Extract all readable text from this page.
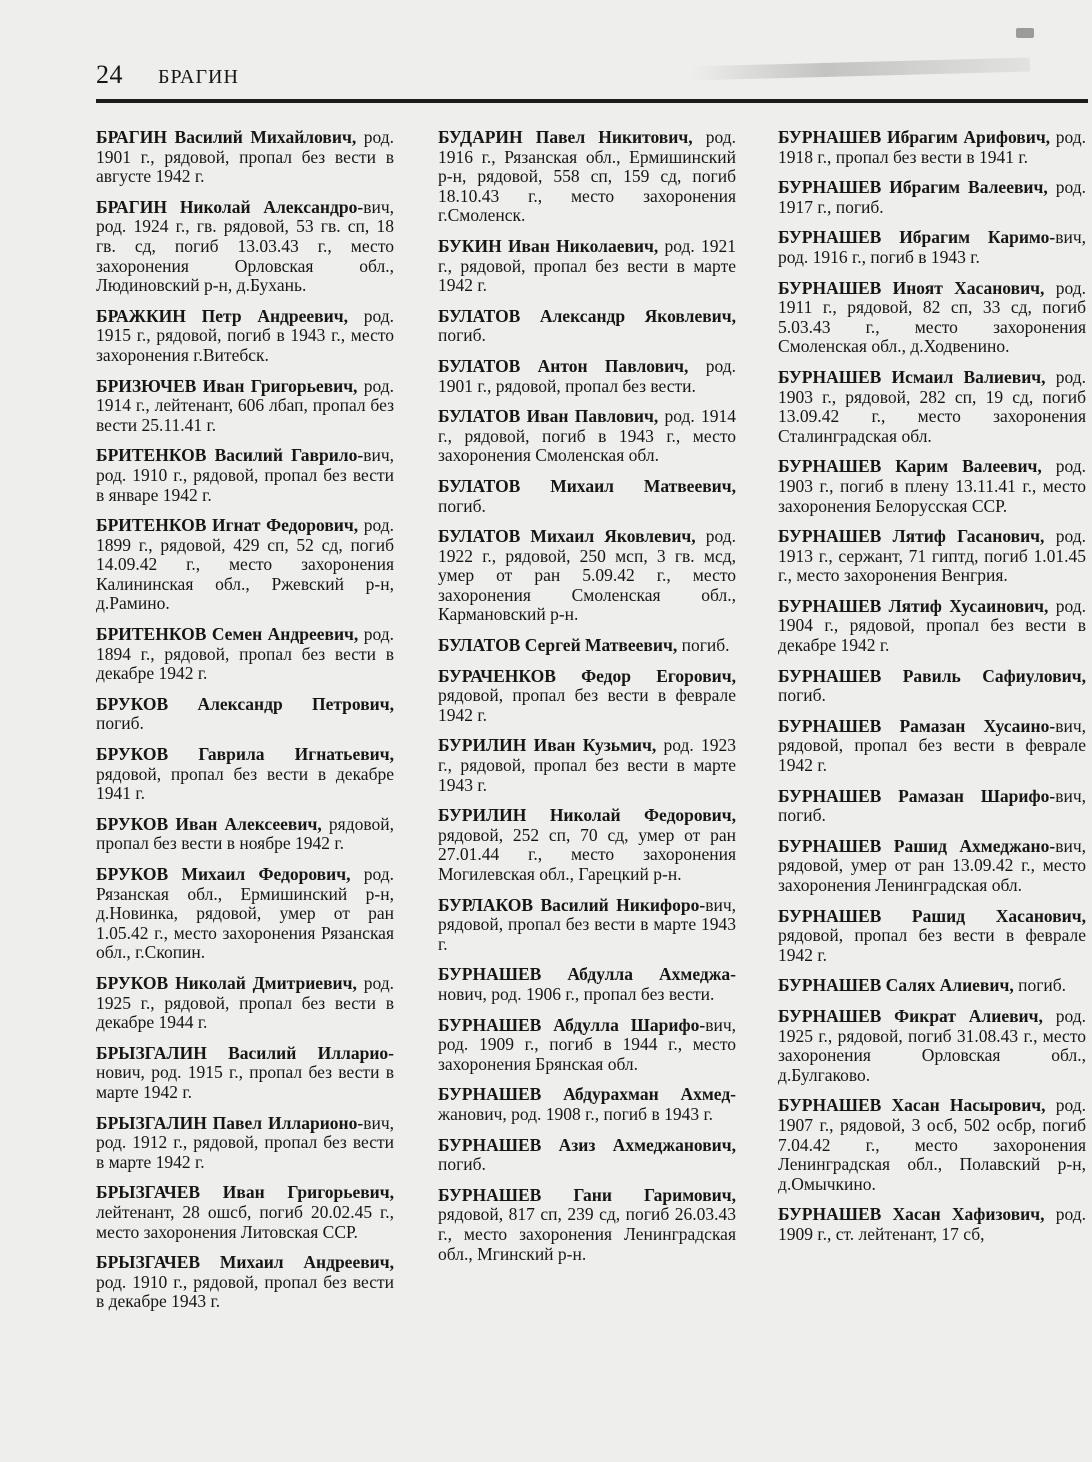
24 БРАГИН

БРАГИН Василий Михайлович, род. 1901 г., рядовой, пропал без вести в августе 1942 г.

БРАГИН Николай Александро-вич, род. 1924 г., гв. рядовой, 53 гв. сп, 18 гв. сд, погиб 13.03.43 г., место захоронения Орловская обл., Людиновский р-н, д.Бухань.

БРАЖКИН Петр Андреевич, род. 1915 г., рядовой, погиб в 1943 г., место захоронения г.Витебск.

БРИЗЮЧЕВ Иван Григорьевич, род. 1914 г., лейтенант, 606 лбап, пропал без вести 25.11.41 г.

БРИТЕНКОВ Василий Гаврило-вич, род. 1910 г., рядовой, пропал без вести в январе 1942 г.

БРИТЕНКОВ Игнат Федорович, род. 1899 г., рядовой, 429 сп, 52 сд, погиб 14.09.42 г., место захоронения Калининская обл., Ржевский р-н, д.Рамино.

БРИТЕНКОВ Семен Андреевич, род. 1894 г., рядовой, пропал без вести в декабре 1942 г.

БРУКОВ Александр Петрович, погиб.

БРУКОВ Гаврила Игнатьевич, рядовой, пропал без вести в декабре 1941 г.

БРУКОВ Иван Алексеевич, рядовой, пропал без вести в ноябре 1942 г.

БРУКОВ Михаил Федорович, род. Рязанская обл., Ермишинский р-н, д.Новинка, рядовой, умер от ран 1.05.42 г., место захоронения Рязанская обл., г.Скопин.

БРУКОВ Николай Дмитриевич, род. 1925 г., рядовой, пропал без вести в декабре 1944 г.

БРЫЗГАЛИН Василий Илларио-нович, род. 1915 г., пропал без вести в марте 1942 г.

БРЫЗГАЛИН Павел Илларионо-вич, род. 1912 г., рядовой, пропал без вести в марте 1942 г.

БРЫЗГАЧЕВ Иван Григорьевич, лейтенант, 28 ошсб, погиб 20.02.45 г., место захоронения Литовская ССР.

БРЫЗГАЧЕВ Михаил Андреевич, род. 1910 г., рядовой, пропал без вести в декабре 1943 г.

БУДАРИН Павел Никитович, род. 1916 г., Рязанская обл., Ермишинский р-н, рядовой, 558 сп, 159 сд, погиб 18.10.43 г., место захоронения г.Смоленск.

БУКИН Иван Николаевич, род. 1921 г., рядовой, пропал без вести в марте 1942 г.

БУЛАТОВ Александр Яковлевич, погиб.

БУЛАТОВ Антон Павлович, род. 1901 г., рядовой, пропал без вести.

БУЛАТОВ Иван Павлович, род. 1914 г., рядовой, погиб в 1943 г., место захоронения Смоленская обл.

БУЛАТОВ Михаил Матвеевич, погиб.

БУЛАТОВ Михаил Яковлевич, род. 1922 г., рядовой, 250 мсп, 3 гв. мсд, умер от ран 5.09.42 г., место захоронения Смоленская обл., Кармановский р-н.

БУЛАТОВ Сергей Матвеевич, погиб.

БУРАЧЕНКОВ Федор Егорович, рядовой, пропал без вести в феврале 1942 г.

БУРИЛИН Иван Кузьмич, род. 1923 г., рядовой, пропал без вести в марте 1943 г.

БУРИЛИН Николай Федорович, рядовой, 252 сп, 70 сд, умер от ран 27.01.44 г., место захоронения Могилевская обл., Гарецкий р-н.

БУРЛАКОВ Василий Никифоро-вич, рядовой, пропал без вести в марте 1943 г.

БУРНАШЕВ Абдулла Ахмеджа-нович, род. 1906 г., пропал без вести.

БУРНАШЕВ Абдулла Шарифо-вич, род. 1909 г., погиб в 1944 г., место захоронения Брянская обл.

БУРНАШЕВ Абдурахман Ахмед-жанович, род. 1908 г., погиб в 1943 г.

БУРНАШЕВ Азиз Ахмеджанович, погиб.

БУРНАШЕВ Гани Гаримович, рядовой, 817 сп, 239 сд, погиб 26.03.43 г., место захоронения Ленинградская обл., Мгинский р-н.

БУРНАШЕВ Ибрагим Арифович, род. 1918 г., пропал без вести в 1941 г.

БУРНАШЕВ Ибрагим Валеевич, род. 1917 г., погиб.

БУРНАШЕВ Ибрагим Каримо-вич, род. 1916 г., погиб в 1943 г.

БУРНАШЕВ Иноят Хасанович, род. 1911 г., рядовой, 82 сп, 33 сд, погиб 5.03.43 г., место захоронения Смоленская обл., д.Ходвенино.

БУРНАШЕВ Исмаил Валиевич, род. 1903 г., рядовой, 282 сп, 19 сд, погиб 13.09.42 г., место захоронения Сталинградская обл.

БУРНАШЕВ Карим Валеевич, род. 1903 г., погиб в плену 13.11.41 г., место захоронения Белорусская ССР.

БУРНАШЕВ Лятиф Гасанович, род. 1913 г., сержант, 71 гиптд, погиб 1.01.45 г., место захоронения Венгрия.

БУРНАШЕВ Лятиф Хусаинович, род. 1904 г., рядовой, пропал без вести в декабре 1942 г.

БУРНАШЕВ Равиль Сафиулович, погиб.

БУРНАШЕВ Рамазан Хусаино-вич, рядовой, пропал без вести в феврале 1942 г.

БУРНАШЕВ Рамазан Шарифо-вич, погиб.

БУРНАШЕВ Рашид Ахмеджано-вич, рядовой, умер от ран 13.09.42 г., место захоронения Ленинградская обл.

БУРНАШЕВ Рашид Хасанович, рядовой, пропал без вести в феврале 1942 г.

БУРНАШЕВ Салях Алиевич, погиб.

БУРНАШЕВ Фикрат Алиевич, род. 1925 г., рядовой, погиб 31.08.43 г., место захоронения Орловская обл., д.Булгаково.

БУРНАШЕВ Хасан Насырович, род. 1907 г., рядовой, 3 осб, 502 осбр, погиб 7.04.42 г., место захоронения Ленинградская обл., Полавский р-н, д.Омычкино.

БУРНАШЕВ Хасан Хафизович, род. 1909 г., ст. лейтенант, 17 сб,
